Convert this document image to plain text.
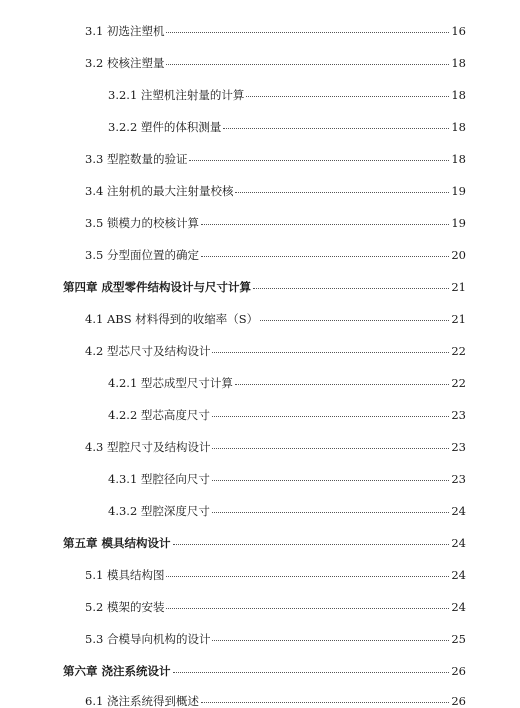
3.1 初选注塑机	16
3.2 校核注塑量	18
3.2.1 注塑机注射量的计算	18
3.2.2 塑件的体积测量	18
3.3 型腔数量的验证	18
3.4 注射机的最大注射量校核	19
3.5 锁模力的校核计算	19
3.5 分型面位置的确定	20
第四章 成型零件结构设计与尺寸计算	21
4.1 ABS 材料得到的收缩率（S）	21
4.2 型芯尺寸及结构设计	22
4.2.1 型芯成型尺寸计算	22
4.2.2 型芯高度尺寸	23
4.3 型腔尺寸及结构设计	23
4.3.1 型腔径向尺寸	23
4.3.2 型腔深度尺寸	24
第五章 模具结构设计	24
5.1 模具结构图	24
5.2 模架的安装	24
5.3 合模导向机构的设计	25
第六章 浇注系统设计	26
6.1 浇注系统得到概述	26
